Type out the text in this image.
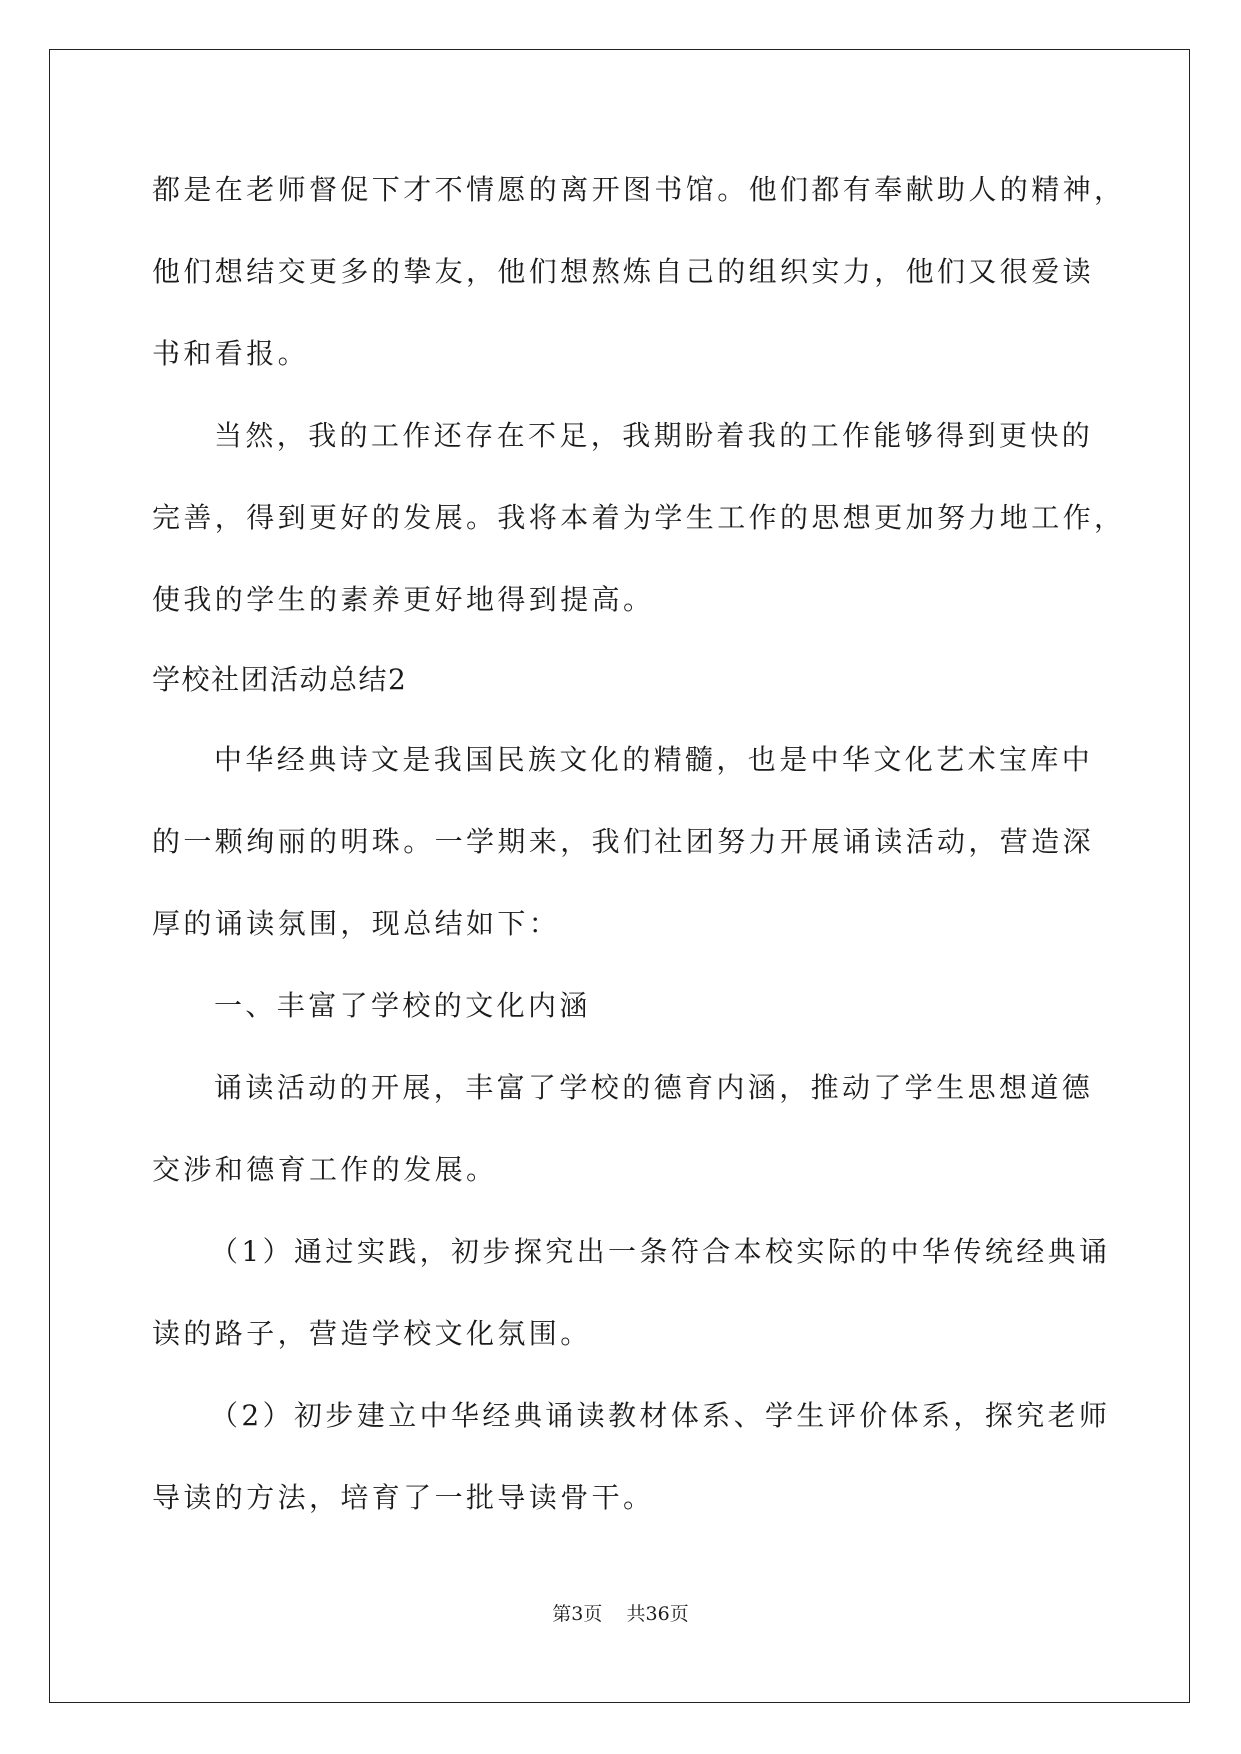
都是在老师督促下才不情愿的离开图书馆。他们都有奉献助人的精神，
他们想结交更多的挚友，他们想熬炼自己的组织实力，他们又很爱读
书和看报。
当然，我的工作还存在不足，我期盼着我的工作能够得到更快的
完善，得到更好的发展。我将本着为学生工作的思想更加努力地工作，
使我的学生的素养更好地得到提高。
学校社团活动总结2
中华经典诗文是我国民族文化的精髓，也是中华文化艺术宝库中
的一颗绚丽的明珠。一学期来，我们社团努力开展诵读活动，营造深
厚的诵读氛围，现总结如下：
一、丰富了学校的文化内涵
诵读活动的开展，丰富了学校的德育内涵，推动了学生思想道德
交涉和德育工作的发展。
（1）通过实践，初步探究出一条符合本校实际的中华传统经典诵
读的路子，营造学校文化氛围。
（2）初步建立中华经典诵读教材体系、学生评价体系，探究老师
导读的方法，培育了一批导读骨干。
第3页 共36页
